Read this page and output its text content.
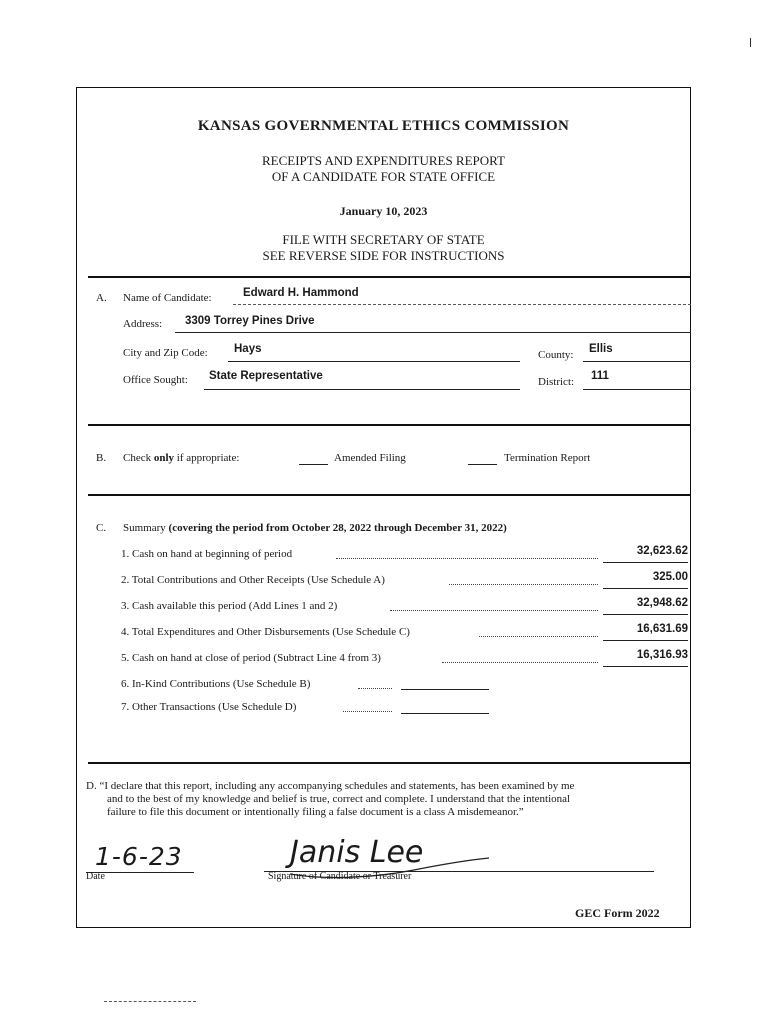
KANSAS GOVERNMENTAL ETHICS COMMISSION
RECEIPTS AND EXPENDITURES REPORT
OF A CANDIDATE FOR STATE OFFICE
January 10, 2023
FILE WITH SECRETARY OF STATE
SEE REVERSE SIDE FOR INSTRUCTIONS
A. Name of Candidate:	Edward H. Hammond
Address: 3309 Torrey Pines Drive
City and Zip Code: Hays	County: Ellis
Office Sought: State Representative	District: 111
B. Check only if appropriate:	Amended Filing	Termination Report
C. Summary (covering the period from October 28, 2022 through December 31, 2022)
1. Cash on hand at beginning of period	32,623.62
2. Total Contributions and Other Receipts (Use Schedule A)	325.00
3. Cash available this period (Add Lines 1 and 2)	32,948.62
4. Total Expenditures and Other Disbursements (Use Schedule C)	16,631.69
5. Cash on hand at close of period (Subtract Line 4 from 3)	16,316.93
6. In-Kind Contributions (Use Schedule B)
7. Other Transactions (Use Schedule D)
D. “I declare that this report, including any accompanying schedules and statements, has been examined by me
and to the best of my knowledge and belief is true, correct and complete. I understand that the intentional
failure to file this document or intentionally filing a false document is a class A misdemeanor.”
1-6-23
Date
Janis Lee
Signature of Candidate or Treasurer
GEC Form 2022
